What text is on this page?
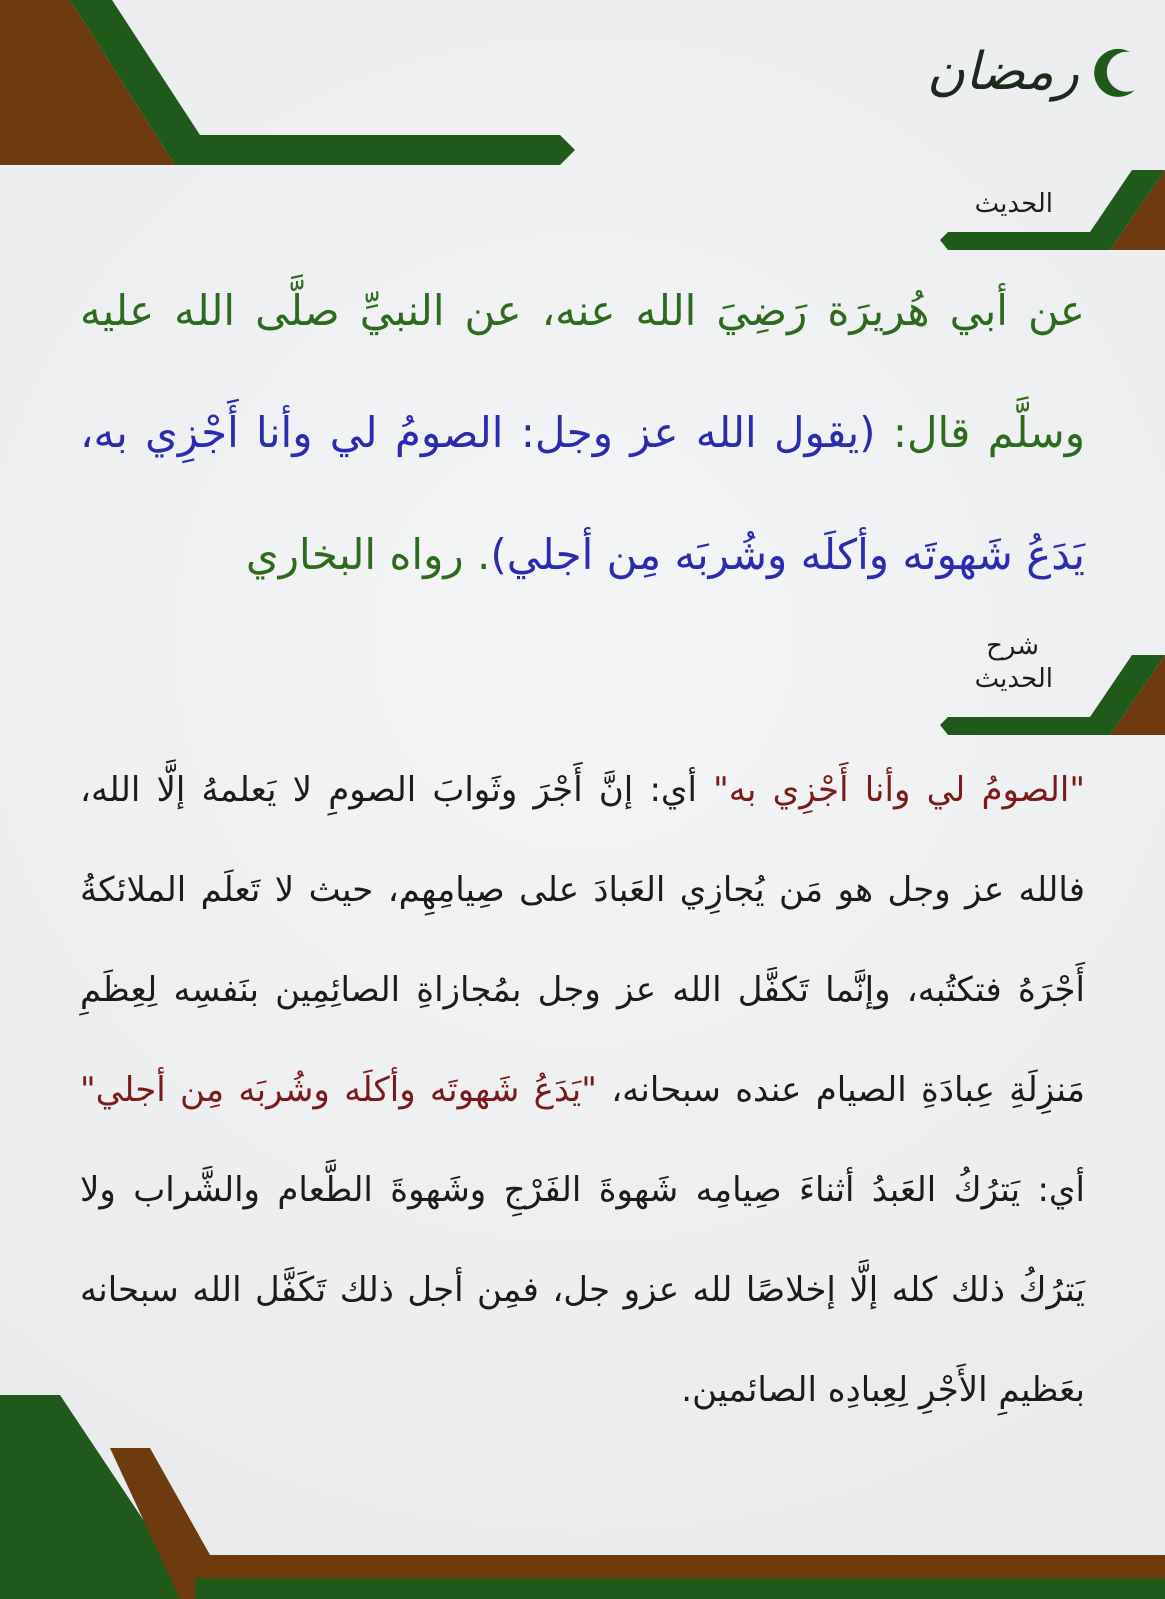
رمضان
الحديث
عن أبي هُريرَة رَضِيَ الله عنه، عن النبيِّ صلَّى الله عليه وسلَّم قال: (يقول الله عز وجل: الصومُ لي وأنا أَجْزِي به، يَدَعُ شَهوتَه وأكلَه وشُربَه مِن أجلي). رواه البخاري
شرح
الحديث
"الصومُ لي وأنا أَجْزِي به" أي: إنَّ أَجْرَ وثَوابَ الصومِ لا يَعلمهُ إلَّا الله، فالله عز وجل هو مَن يُجازِي العَبادَ على صِيامِهِم، حيث لا تَعلَم الملائكةُ أَجْرَهُ فتكتُبه، وإنَّما تَكفَّل الله عز وجل بمُجازاةِ الصائِمِين بنَفسِه لِعِظَمِ مَنزِلَةِ عِبادَةِ الصيام عنده سبحانه، "يَدَعُ شَهوتَه وأكلَه وشُربَه مِن أجلي" أي: يَترُكُ العَبدُ أثناءَ صِيامِه شَهوةَ الفَرْجِ وشَهوةَ الطَّعام والشَّراب ولا يَترُكُ ذلك كله إلَّا إخلاصًا لله عزو جل، فمِن أجل ذلك تَكَفَّل الله سبحانه بعَظيمِ الأَجْرِ لِعِبادِه الصائمين.
